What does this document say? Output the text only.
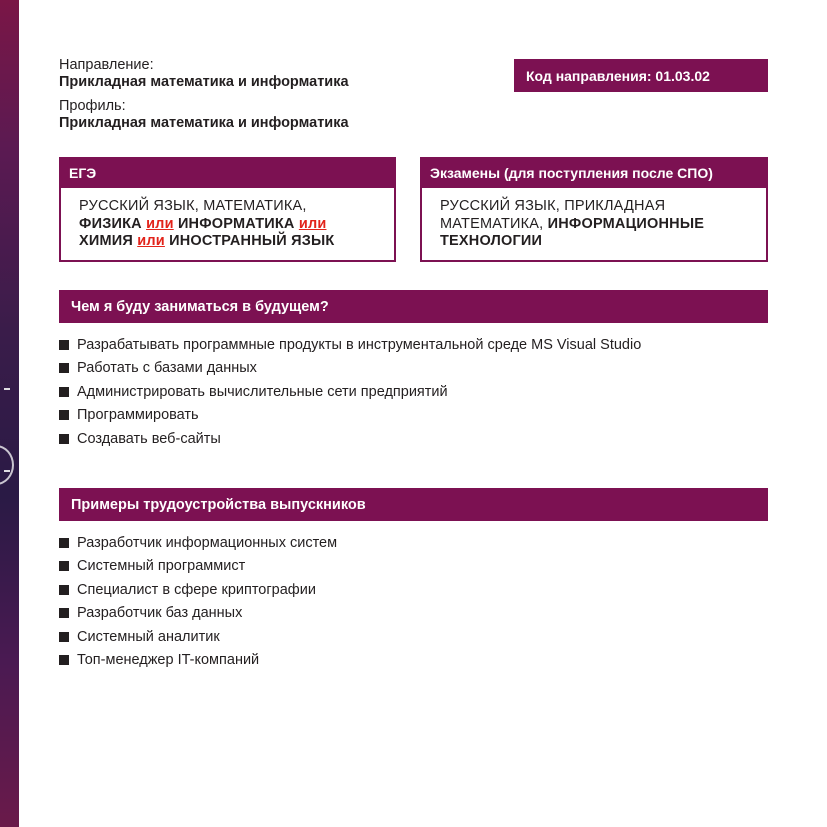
Направление:
Прикладная математика и информатика
Профиль:
Прикладная математика и информатика
Код направления: 01.03.02
ЕГЭ
РУССКИЙ ЯЗЫК, МАТЕМАТИКА,
ФИЗИКА или ИНФОРМАТИКА или
ХИМИЯ или ИНОСТРАННЫЙ ЯЗЫК
Экзамены (для поступления после СПО)
РУССКИЙ ЯЗЫК, ПРИКЛАДНАЯ
МАТЕМАТИКА, ИНФОРМАЦИОННЫЕ
ТЕХНОЛОГИИ
Чем я буду заниматься в будущем?
Разрабатывать программные продукты в инструментальной среде MS Visual Studio
Работать с базами данных
Администрировать вычислительные сети предприятий
Программировать
Создавать веб-сайты
Примеры трудоустройства выпускников
Разработчик информационных систем
Системный программист
Специалист в сфере криптографии
Разработчик баз данных
Системный аналитик
Топ-менеджер IT-компаний
